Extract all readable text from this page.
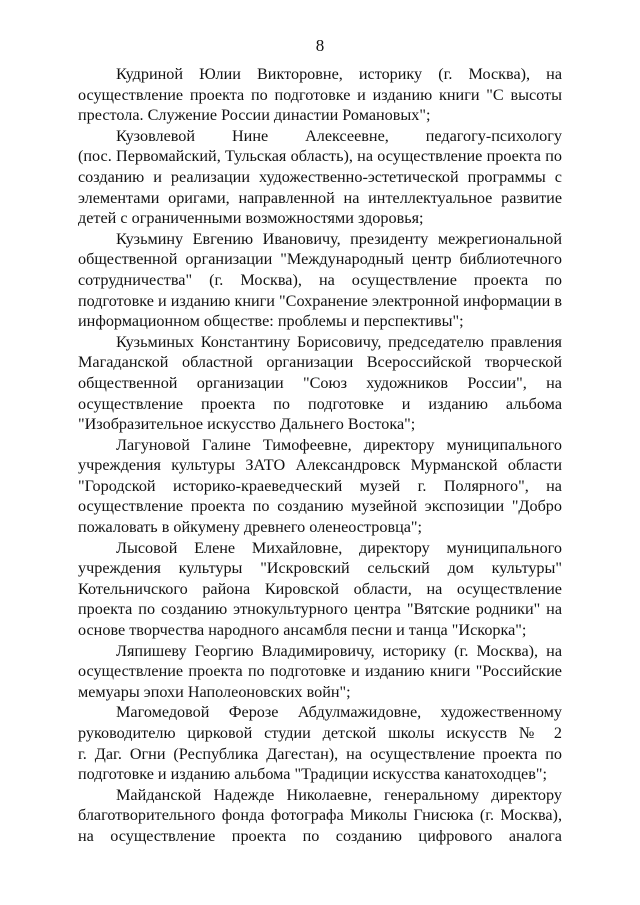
8
Кудриной Юлии Викторовне, историку (г. Москва), на
осуществление проекта по подготовке и изданию книги "С высоты
престола. Служение России династии Романовых";
Кузовлевой Нине Алексеевне, педагогу-психологу
(пос. Первомайский, Тульская область), на осуществление проекта по
созданию и реализации художественно-эстетической программы с
элементами оригами, направленной на интеллектуальное развитие
детей с ограниченными возможностями здоровья;
Кузьмину Евгению Ивановичу, президенту межрегиональной
общественной организации "Международный центр библиотечного
сотрудничества" (г. Москва), на осуществление проекта по
подготовке и изданию книги "Сохранение электронной информации в
информационном обществе: проблемы и перспективы";
Кузьминых Константину Борисовичу, председателю правления
Магаданской областной организации Всероссийской творческой
общественной организации "Союз художников России", на
осуществление проекта по подготовке и изданию альбома
"Изобразительное искусство Дальнего Востока";
Лагуновой Галине Тимофеевне, директору муниципального
учреждения культуры ЗАТО Александровск Мурманской области
"Городской историко-краеведческий музей г. Полярного", на
осуществление проекта по созданию музейной экспозиции "Добро
пожаловать в ойкумену древнего оленеостровца";
Лысовой Елене Михайловне, директору муниципального
учреждения культуры "Искровский сельский дом культуры"
Котельничского района Кировской области, на осуществление
проекта по созданию этнокультурного центра "Вятские родники" на
основе творчества народного ансамбля песни и танца "Искорка";
Ляпишеву Георгию Владимировичу, историку (г. Москва), на
осуществление проекта по подготовке и изданию книги "Российские
мемуары эпохи Наполеоновских войн";
Магомедовой Ферозе Абдулмажидовне, художественному
руководителю цирковой студии детской школы искусств № 2
г. Даг. Огни (Республика Дагестан), на осуществление проекта по
подготовке и изданию альбома "Традиции искусства канатоходцев";
Майданской Надежде Николаевне, генеральному директору
благотворительного фонда фотографа Миколы Гнисюка (г. Москва),
на осуществление проекта по созданию цифрового аналога
